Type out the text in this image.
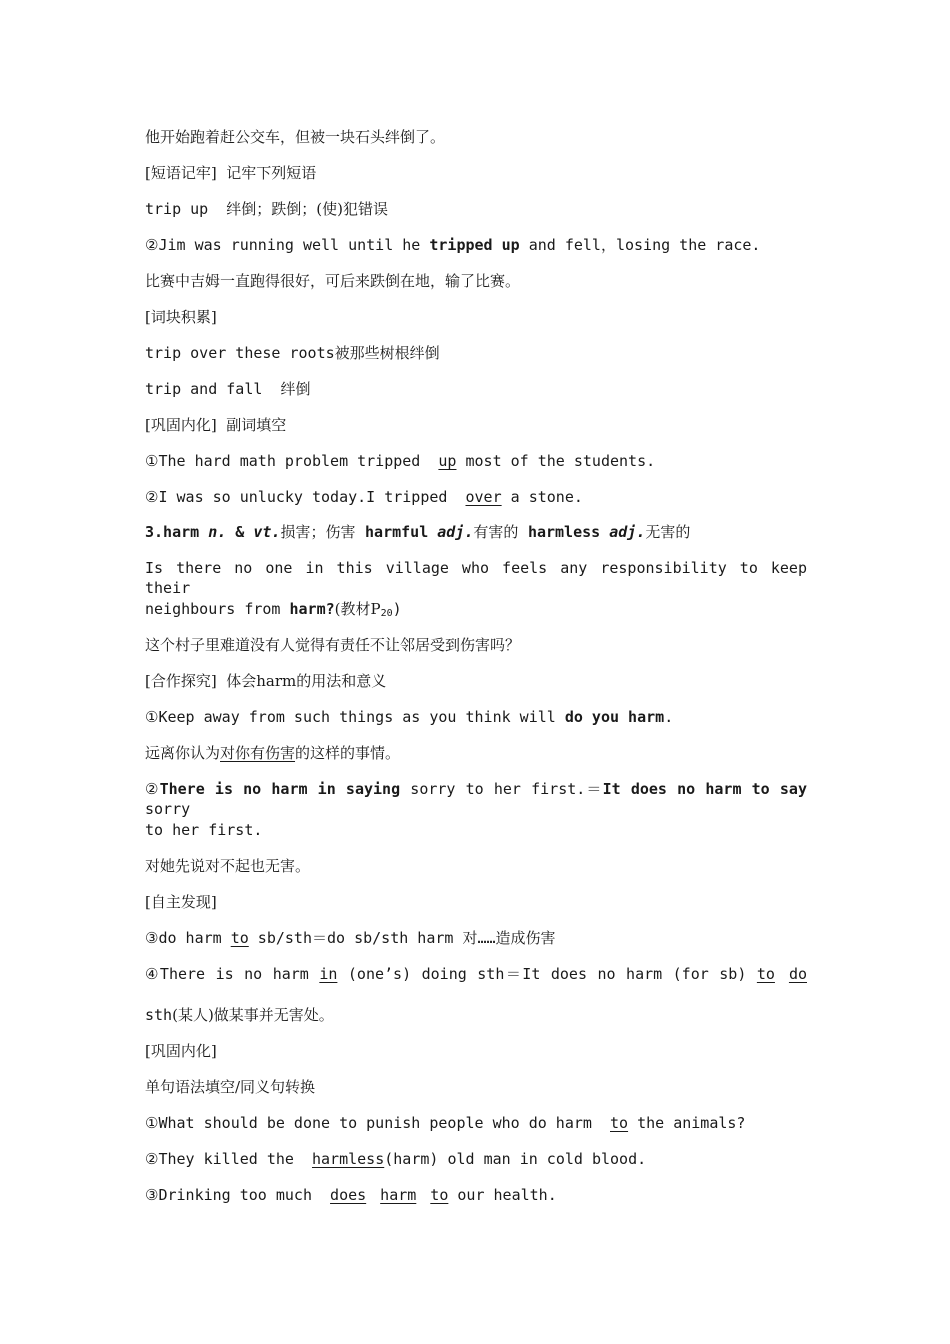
他开始跑着赶公交车，但被一块石头绊倒了。
[短语记牢]  记牢下列短语
trip up  绊倒；跌倒；(使)犯错误
②Jim was running well until he tripped up and fell，losing the race.
比赛中吉姆一直跑得很好，可后来跌倒在地，输了比赛。
[词块积累]
trip over these roots被那些树根绊倒
trip and fall  绊倒
[巩固内化]  副词填空
①The hard math problem tripped  up most of the students.
②I was so unlucky today.I tripped  over a stone.
3.harm n. & vt.损害；伤害  harmful adj.有害的  harmless adj.无害的
Is there no one in this village who feels any responsibility to keep their
neighbours from harm?(教材$P_{20}$)
这个村子里难道没有人觉得有责任不让邻居受到伤害吗？
[合作探究]  体会harm的用法和意义
①Keep away from such things as you think will do you harm.
远离你认为对你有伤害的这样的事情。
②There is no harm in saying sorry to her first.＝It does no harm to say sorry
to her first.
对她先说对不起也无害。
[自主发现]
③do harm to sb/sth＝do sb/sth harm 对……造成伤害
④There is no harm in (one’s) doing sth＝It does no harm (for sb) to do
sth(某人)做某事并无害处。
[巩固内化]
单句语法填空/同义句转换
①What should be done to punish people who do harm  to the animals?
②They killed the  harmless(harm) old man in cold blood.
③Drinking too much  does harm to our health.
